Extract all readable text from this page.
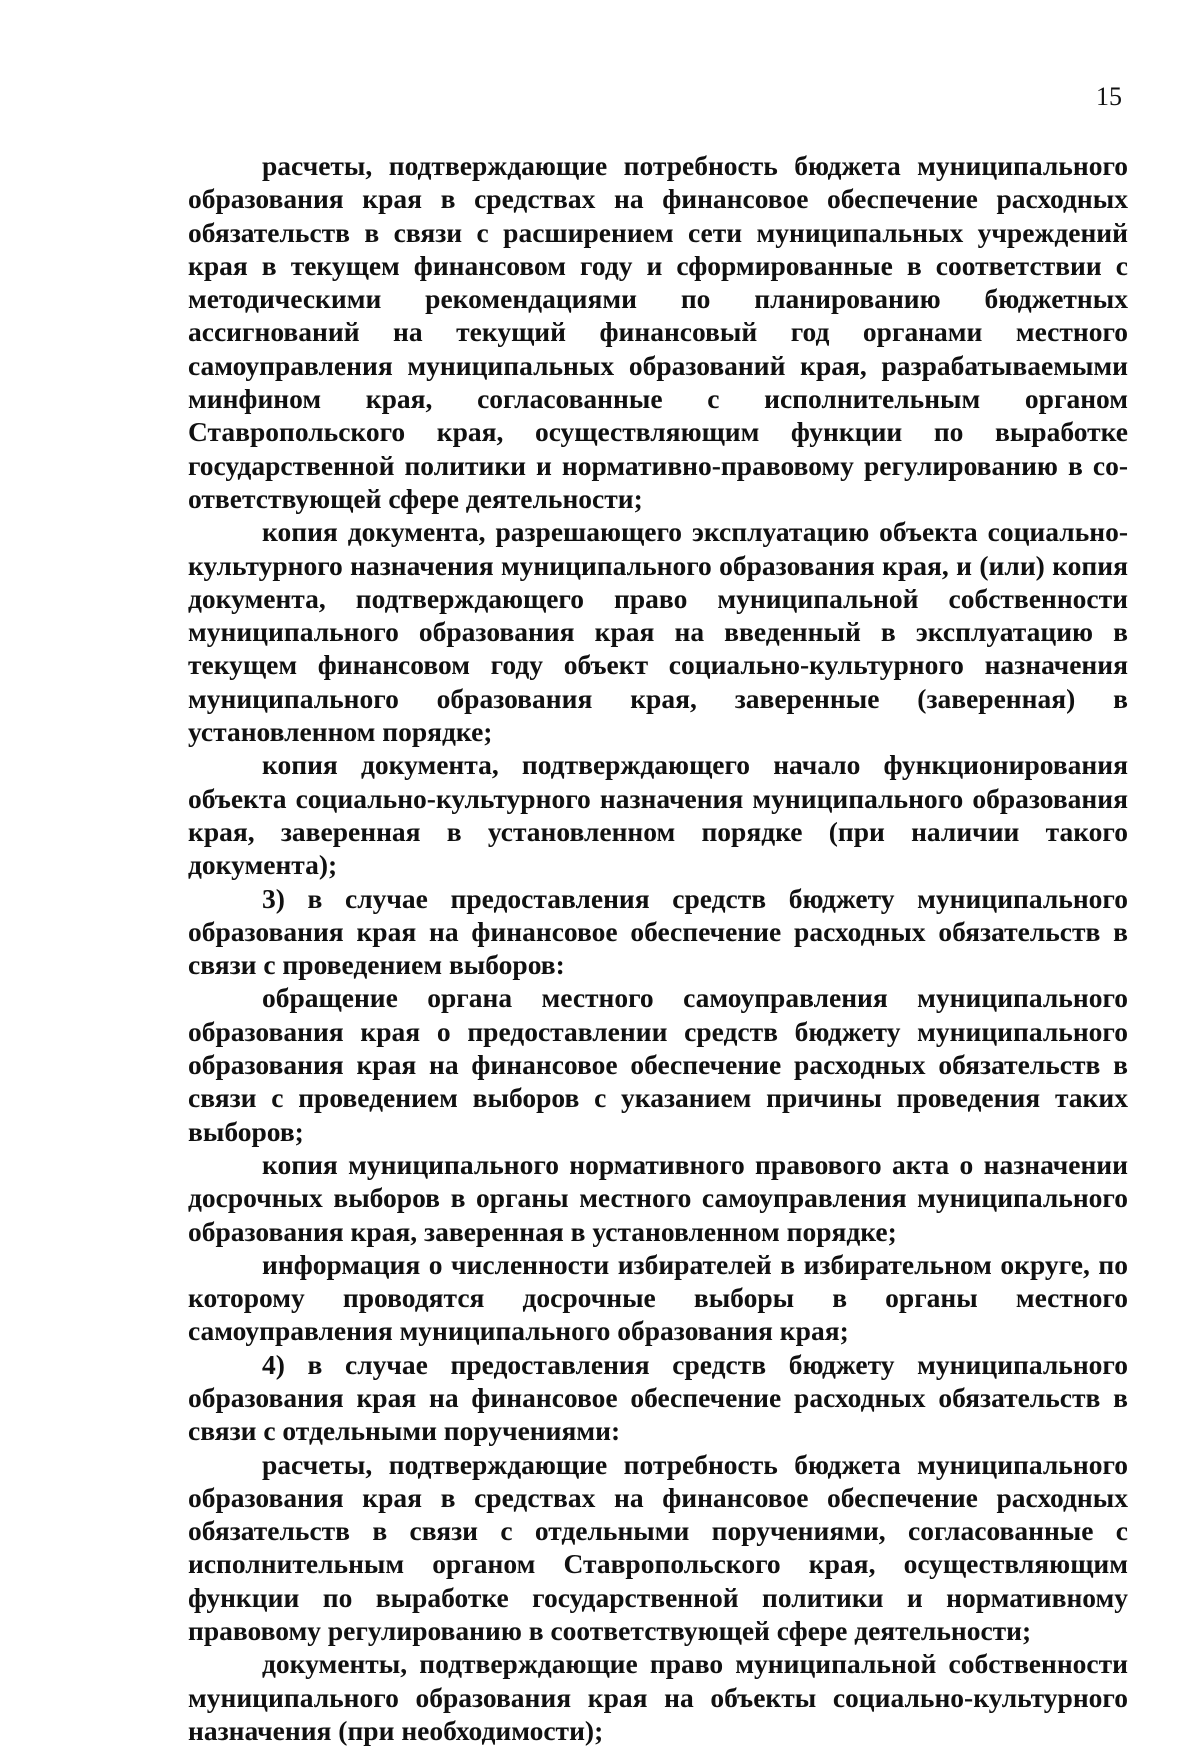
15

расчеты, подтверждающие потребность бюджета муниципального образования края в средствах на финансовое обеспечение расходных обязательств в связи с расширением сети муниципальных учреждений края в текущем финансовом году и сформированные в соответствии с методическими рекомендациями по планированию бюджетных ассигнований на текущий финансовый год органами местного самоуправления муниципальных образований края, разрабатываемыми минфином края, согласованные с исполнительным органом Ставропольского края, осуществляющим функции по выработке государственной политики и нормативно-правовому регулированию в соответствующей сфере деятельности;

копия документа, разрешающего эксплуатацию объекта социально-культурного назначения муниципального образования края, и (или) копия документа, подтверждающего право муниципальной собственности муниципального образования края на введенный в эксплуатацию в текущем финансовом году объект социально-культурного назначения муниципального образования края, заверенные (заверенная) в установленном порядке;

копия документа, подтверждающего начало функционирования объекта социально-культурного назначения муниципального образования края, заверенная в установленном порядке (при наличии такого документа);

3) в случае предоставления средств бюджету муниципального образования края на финансовое обеспечение расходных обязательств в связи с проведением выборов:

обращение органа местного самоуправления муниципального образования края о предоставлении средств бюджету муниципального образования края на финансовое обеспечение расходных обязательств в связи с проведением выборов с указанием причины проведения таких выборов;

копия муниципального нормативного правового акта о назначении досрочных выборов в органы местного самоуправления муниципального образования края, заверенная в установленном порядке;

информация о численности избирателей в избирательном округе, по которому проводятся досрочные выборы в органы местного самоуправления муниципального образования края;

4) в случае предоставления средств бюджету муниципального образования края на финансовое обеспечение расходных обязательств в связи с отдельными поручениями:

расчеты, подтверждающие потребность бюджета муниципального образования края в средствах на финансовое обеспечение расходных обязательств в связи с отдельными поручениями, согласованные с исполнительным органом Ставропольского края, осуществляющим функции по выработке государственной политики и нормативному правовому регулированию в соответствующей сфере деятельности;

документы, подтверждающие право муниципальной собственности муниципального образования края на объекты социально-культурного назначения (при необходимости);
